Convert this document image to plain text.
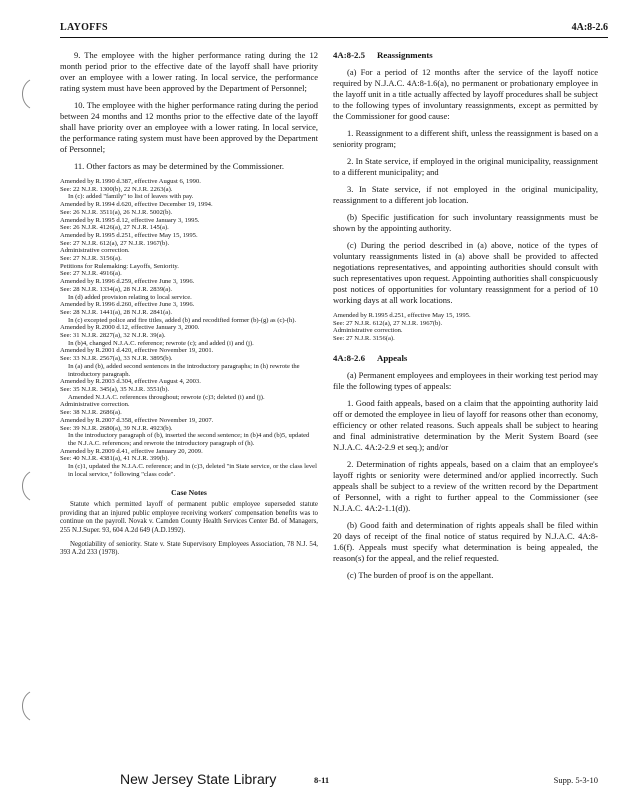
LAYOFFS	4A:8-2.6

9. The employee with the higher performance rating during the 12 month period prior to the effective date of the layoff shall have priority over an employee with a lower rating. In local service, the performance rating system must have been approved by the Department of Personnel;

10. The employee with the higher performance rating during the period between 24 months and 12 months prior to the effective date of the layoff shall have priority over an employee with a lower rating. In local service, the performance rating system must have been approved by the Department of Personnel;

11. Other factors as may be determined by the Commissioner.

Amended by R.1990 d.387, effective August 6, 1990.

See: 22 N.J.R. 1300(b), 22 N.J.R. 2263(a).

In (c): added "family" to list of leaves with pay.

Amended by R.1994 d.620, effective December 19, 1994.

See: 26 N.J.R. 3511(a), 26 N.J.R. 5002(b).

Amended by R.1995 d.12, effective January 3, 1995.

See: 26 N.J.R. 4126(a), 27 N.J.R. 145(a).

Amended by R.1995 d.251, effective May 15, 1995.

See: 27 N.J.R. 612(a), 27 N.J.R. 1967(b).

Administrative correction.

See: 27 N.J.R. 3156(a).

Petitions for Rulemaking: Layoffs, Seniority.

See: 27 N.J.R. 4916(a).

Amended by R.1996 d.259, effective June 3, 1996.

See: 28 N.J.R. 1334(a), 28 N.J.R. 2839(a).

In (d) added provision relating to local service.

Amended by R.1996 d.260, effective June 3, 1996.

See: 28 N.J.R. 1441(a), 28 N.J.R. 2841(a).

In (c) excepted police and fire titles, added (b) and recodified former (b)-(g) as (c)-(h).

Amended by R.2000 d.12, effective January 3, 2000.

See: 31 N.J.R. 2827(a), 32 N.J.R. 39(a).

In (b)4, changed N.J.A.C. reference; rewrote (c); and added (i) and (j).

Amended by R.2001 d.420, effective November 19, 2001.

See: 33 N.J.R. 2567(a), 33 N.J.R. 3895(b).

In (a) and (b), added second sentences in the introductory paragraphs; in (h) rewrote the introductory paragraph.

Amended by R.2003 d.304, effective August 4, 2003.

See: 35 N.J.R. 345(a), 35 N.J.R. 3551(b).

Amended N.J.A.C. references throughout; rewrote (c)3; deleted (i) and (j).

Administrative correction.

See: 38 N.J.R. 2686(a).

Amended by R.2007 d.358, effective November 19, 2007.

See: 39 N.J.R. 2680(a), 39 N.J.R. 4923(b).

In the introductory paragraph of (b), inserted the second sentence; in (b)4 and (b)5, updated the N.J.A.C. references; and rewrote the introductory paragraph of (h).

Amended by R.2009 d.41, effective January 20, 2009.

See: 40 N.J.R. 4381(a), 41 N.J.R. 399(b).

In (c)1, updated the N.J.A.C. reference; and in (c)3, deleted "in State service, or the class level in local service," following "class code".

Case Notes

Statute which permitted layoff of permanent public employee superseded statute providing that an injured public employee receiving workers' compensation benefits was to continue on the payroll. Novak v. Camden County Health Services Center Bd. of Managers, 255 N.J.Super. 93, 604 A.2d 649 (A.D.1992).

Negotiability of seniority. State v. State Supervisory Employees Association, 78 N.J. 54, 393 A.2d 233 (1978).

4A:8-2.5 Reassignments

(a) For a period of 12 months after the service of the layoff notice required by N.J.A.C. 4A:8-1.6(a), no permanent or probationary employee in the layoff unit in a title actually affected by layoff procedures shall be subject to the following types of involuntary reassignments, except as permitted by the Commissioner for good cause:

1. Reassignment to a different shift, unless the reassignment is based on a seniority program;

2. In State service, if employed in the original municipality, reassignment to a different municipality; and

3. In State service, if not employed in the original municipality, reassignment to a different job location.

(b) Specific justification for such involuntary reassignments must be shown by the appointing authority.

(c) During the period described in (a) above, notice of the types of voluntary reassignments listed in (a) above shall be provided to affected negotiations representatives, and appointing authorities should consult with such representatives upon request. Appointing authorities shall conspicuously post notices of opportunities for voluntary reassignment for a period of 10 working days at all work locations.

Amended by R.1995 d.251, effective May 15, 1995.

See: 27 N.J.R. 612(a), 27 N.J.R. 1967(b).

Administrative correction.

See: 27 N.J.R. 3156(a).

4A:8-2.6 Appeals

(a) Permanent employees and employees in their working test period may file the following types of appeals:

1. Good faith appeals, based on a claim that the appointing authority laid off or demoted the employee in lieu of layoff for reasons other than economy, efficiency or other related reasons. Such appeals shall be subject to hearing and final administrative determination by the Merit System Board (see N.J.A.C. 4A:2-2.9 et seq.); and/or

2. Determination of rights appeals, based on a claim that an employee's layoff rights or seniority were determined and/or applied incorrectly. Such appeals shall be subject to a review of the written record by the Department of Personnel, with a right to further appeal to the Commissioner (see N.J.A.C. 4A:2-1.1(d)).

(b) Good faith and determination of rights appeals shall be filed within 20 days of receipt of the final notice of status required by N.J.A.C. 4A:8-1.6(f). Appeals must specify what determination is being appealed, the reason(s) for the appeal, and the relief requested.

(c) The burden of proof is on the appellant.

New Jersey State Library	8-11	Supp. 5-3-10
